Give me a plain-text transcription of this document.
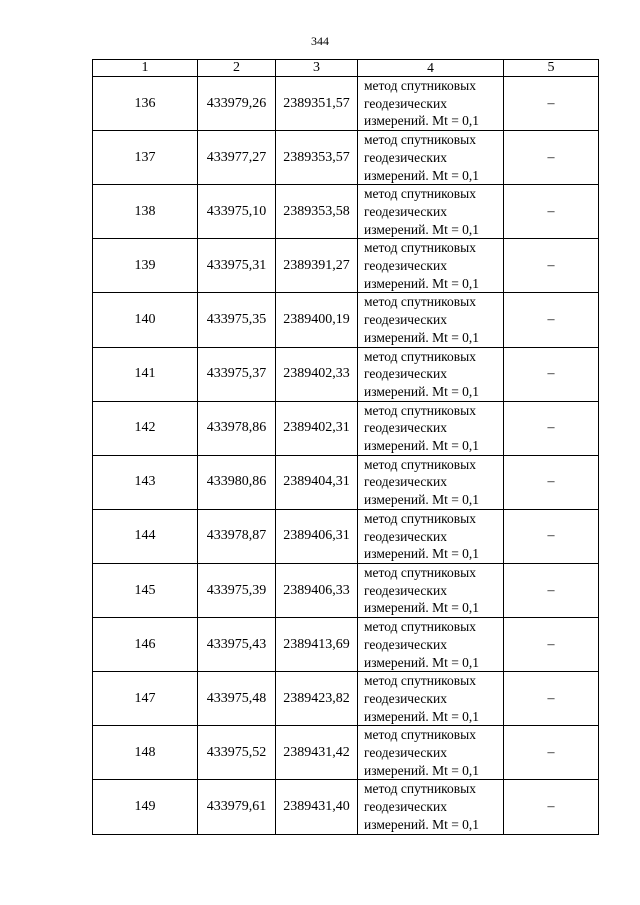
344
1	2	3	4	5
136	433979,26	2389351,57	метод спутниковых
геодезических
измерений. Mt = 0,1	–
137	433977,27	2389353,57	метод спутниковых
геодезических
измерений. Mt = 0,1	–
138	433975,10	2389353,58	метод спутниковых
геодезических
измерений. Mt = 0,1	–
139	433975,31	2389391,27	метод спутниковых
геодезических
измерений. Mt = 0,1	–
140	433975,35	2389400,19	метод спутниковых
геодезических
измерений. Mt = 0,1	–
141	433975,37	2389402,33	метод спутниковых
геодезических
измерений. Mt = 0,1	–
142	433978,86	2389402,31	метод спутниковых
геодезических
измерений. Mt = 0,1	–
143	433980,86	2389404,31	метод спутниковых
геодезических
измерений. Mt = 0,1	–
144	433978,87	2389406,31	метод спутниковых
геодезических
измерений. Mt = 0,1	–
145	433975,39	2389406,33	метод спутниковых
геодезических
измерений. Mt = 0,1	–
146	433975,43	2389413,69	метод спутниковых
геодезических
измерений. Mt = 0,1	–
147	433975,48	2389423,82	метод спутниковых
геодезических
измерений. Mt = 0,1	–
148	433975,52	2389431,42	метод спутниковых
геодезических
измерений. Mt = 0,1	–
149	433979,61	2389431,40	метод спутниковых
геодезических
измерений. Mt = 0,1	–
